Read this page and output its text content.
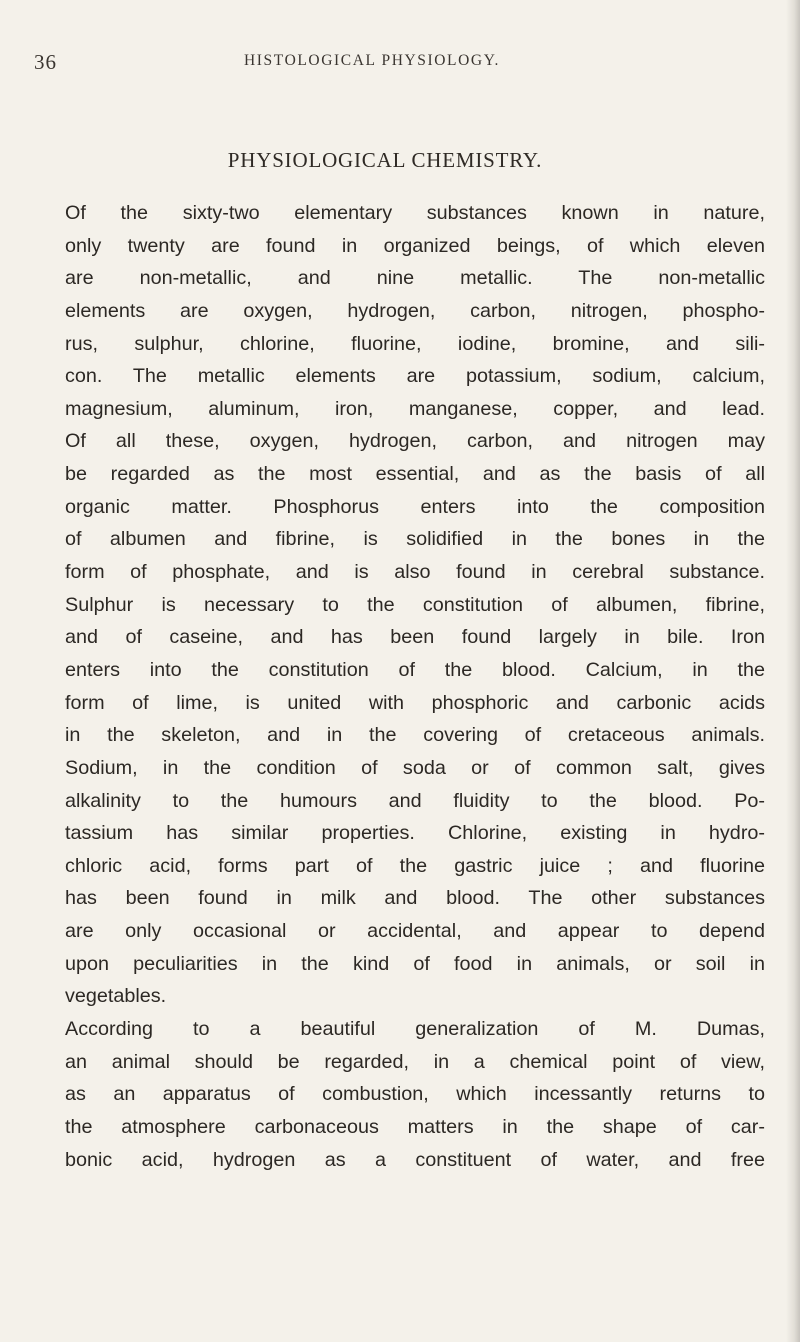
36	HISTOLOGICAL PHYSIOLOGY.
PHYSIOLOGICAL CHEMISTRY.
Of the sixty-two elementary substances known in nature,
only twenty are found in organized beings, of which eleven
are non-metallic, and nine metallic. The non-metallic
elements are oxygen, hydrogen, carbon, nitrogen, phospho-
rus, sulphur, chlorine, fluorine, iodine, bromine, and sili-
con. The metallic elements are potassium, sodium, calcium,
magnesium, aluminum, iron, manganese, copper, and lead.
Of all these, oxygen, hydrogen, carbon, and nitrogen may
be regarded as the most essential, and as the basis of all
organic matter. Phosphorus enters into the composition
of albumen and fibrine, is solidified in the bones in the
form of phosphate, and is also found in cerebral substance.
Sulphur is necessary to the constitution of albumen, fibrine,
and of caseine, and has been found largely in bile. Iron
enters into the constitution of the blood. Calcium, in the
form of lime, is united with phosphoric and carbonic acids
in the skeleton, and in the covering of cretaceous animals.
Sodium, in the condition of soda or of common salt, gives
alkalinity to the humours and fluidity to the blood. Po-
tassium has similar properties. Chlorine, existing in hydro-
chloric acid, forms part of the gastric juice ; and fluorine
has been found in milk and blood. The other substances
are only occasional or accidental, and appear to depend
upon peculiarities in the kind of food in animals, or soil in
vegetables.
According to a beautiful generalization of M. Dumas,
an animal should be regarded, in a chemical point of view,
as an apparatus of combustion, which incessantly returns to
the atmosphere carbonaceous matters in the shape of car-
bonic acid, hydrogen as a constituent of water, and free
